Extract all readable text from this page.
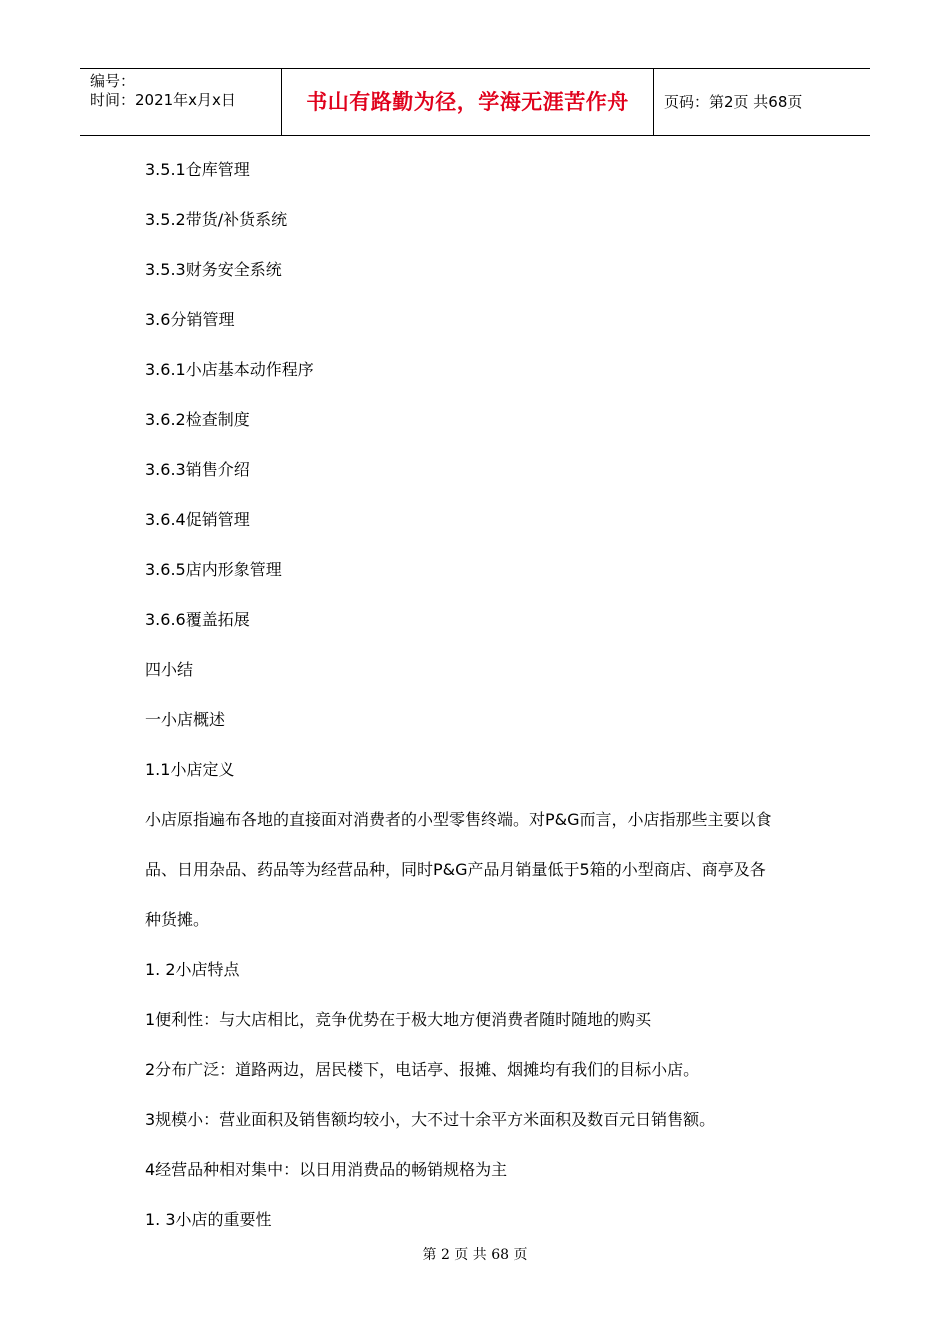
编号：
时间：2021年x月x日	书山有路勤为径，学海无涯苦作舟	页码：第2页 共68页
3.5.1仓库管理
3.5.2带货/补货系统
3.5.3财务安全系统
3.6分销管理
3.6.1小店基本动作程序
3.6.2检查制度
3.6.3销售介绍
3.6.4促销管理
3.6.5店内形象管理
3.6.6覆盖拓展
四小结
一小店概述
1.1小店定义
小店原指遍布各地的直接面对消费者的小型零售终端。对P&G而言，小店指那些主要以食
品、日用杂品、药品等为经营品种，同时P&G产品月销量低于5箱的小型商店、商亭及各
种货摊。
1. 2小店特点
1便利性：与大店相比，竞争优势在于极大地方便消费者随时随地的购买
2分布广泛：道路两边，居民楼下，电话亭、报摊、烟摊均有我们的目标小店。
3规模小：营业面积及销售额均较小，大不过十余平方米面积及数百元日销售额。
4经营品种相对集中：以日用消费品的畅销规格为主
1. 3小店的重要性
第 2 页 共 68 页
